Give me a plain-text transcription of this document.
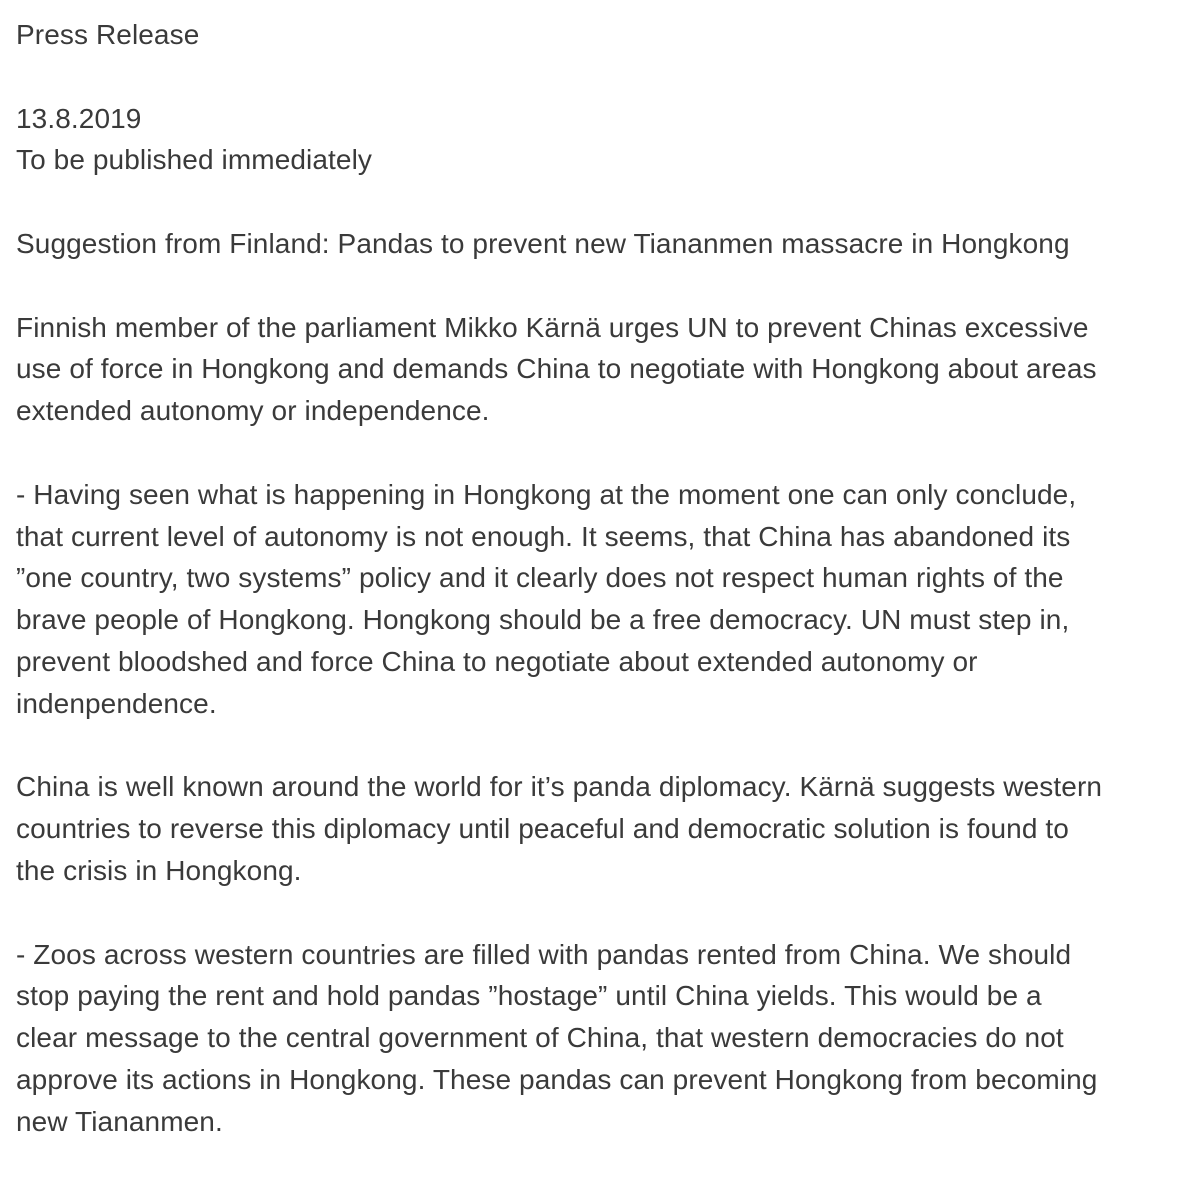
Press Release
13.8.2019
To be published immediately
Suggestion from Finland: Pandas to prevent new Tiananmen massacre in Hongkong
Finnish member of the parliament Mikko Kärnä urges UN to prevent Chinas excessive
use of force in Hongkong and demands China to negotiate with Hongkong about areas
extended autonomy or independence.
- Having seen what is happening in Hongkong at the moment one can only conclude,
that current level of autonomy is not enough. It seems, that China has abandoned its
”one country, two systems” policy and it clearly does not respect human rights of the
brave people of Hongkong. Hongkong should be a free democracy. UN must step in,
prevent bloodshed and force China to negotiate about extended autonomy or
indenpendence.
China is well known around the world for it’s panda diplomacy. Kärnä suggests western
countries to reverse this diplomacy until peaceful and democratic solution is found to
the crisis in Hongkong.
- Zoos across western countries are filled with pandas rented from China. We should
stop paying the rent and hold pandas ”hostage” until China yields. This would be a
clear message to the central government of China, that western democracies do not
approve its actions in Hongkong. These pandas can prevent Hongkong from becoming
new Tiananmen.
